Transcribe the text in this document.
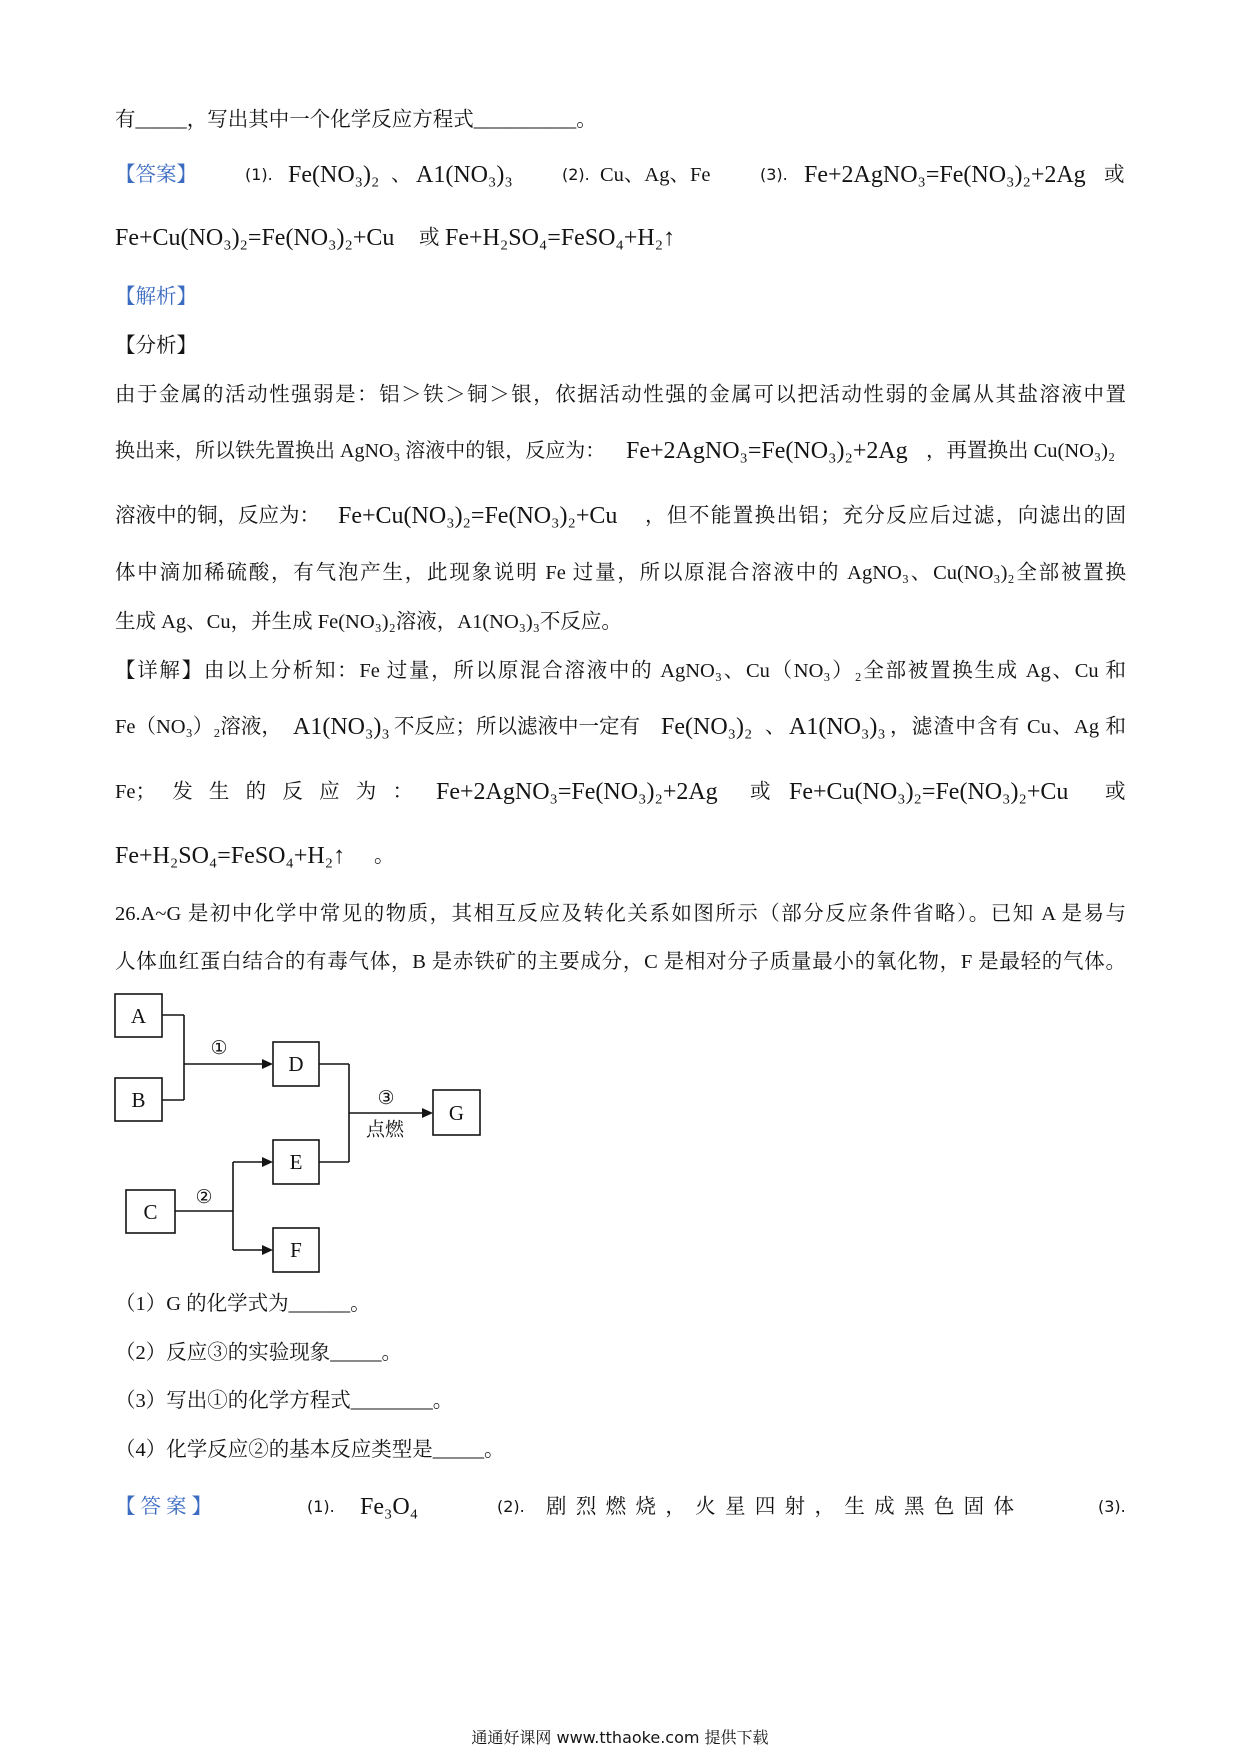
有_____，写出其中一个化学反应方程式__________。
【答案】	(1). Fe(NO₃)₂ 、 A1(NO₃)₃	(2). Cu、Ag、Fe	(3). Fe+2AgNO₃=Fe(NO₃)₂+2Ag 或
Fe+Cu(NO₃)₂=Fe(NO₃)₂+Cu 或 Fe+H₂SO₄=FeSO₄+H₂↑
【解析】
【分析】
由于金属的活动性强弱是：铝＞铁＞铜＞银，依据活动性强的金属可以把活动性弱的金属从其盐溶液中置
换出来，所以铁先置换出 AgNO₃ 溶液中的银，反应为： Fe+2AgNO₃=Fe(NO₃)₂+2Ag ，再置换出 Cu(NO₃)₂
溶液中的铜，反应为： Fe+Cu(NO₃)₂=Fe(NO₃)₂+Cu ，但不能置换出铝；充分反应后过滤，向滤出的固
体中滴加稀硫酸，有气泡产生，此现象说明 Fe 过量，所以原混合溶液中的 AgNO₃、Cu(NO₃)₂全部被置换
生成 Ag、Cu，并生成 Fe(NO₃)₂溶液，A1(NO₃)₃不反应。
【详解】由以上分析知：Fe 过量，所以原混合溶液中的 AgNO₃、Cu（NO₃）₂全部被置换生成 Ag、Cu 和
Fe（NO₃）₂溶液， A1(NO₃)₃ 不反应；所以滤液中一定有 Fe(NO₃)₂ 、 A1(NO₃)₃ ，滤渣中含有 Cu、Ag 和
Fe；发生的反应为： Fe+2AgNO₃=Fe(NO₃)₂+2Ag 或 Fe+Cu(NO₃)₂=Fe(NO₃)₂+Cu 或
Fe+H₂SO₄=FeSO₄+H₂↑ 。
26.A~G 是初中化学中常见的物质，其相互反应及转化关系如图所示（部分反应条件省略）。已知 A 是易与
人体血红蛋白结合的有毒气体，B 是赤铁矿的主要成分，C 是相对分子质量最小的氧化物，F 是最轻的气体。
A
B
C
D
E
F
G
①
②
③
点燃
（1）G 的化学式为______。
（2）反应③的实验现象_____。
（3）写出①的化学方程式________。
（4）化学反应②的基本反应类型是_____。
【答案】	(1). Fe₃O₄	(2). 剧烈燃烧，火星四射，生成黑色固体	(3).
通通好课网 www.tthaoke.com 提供下载
